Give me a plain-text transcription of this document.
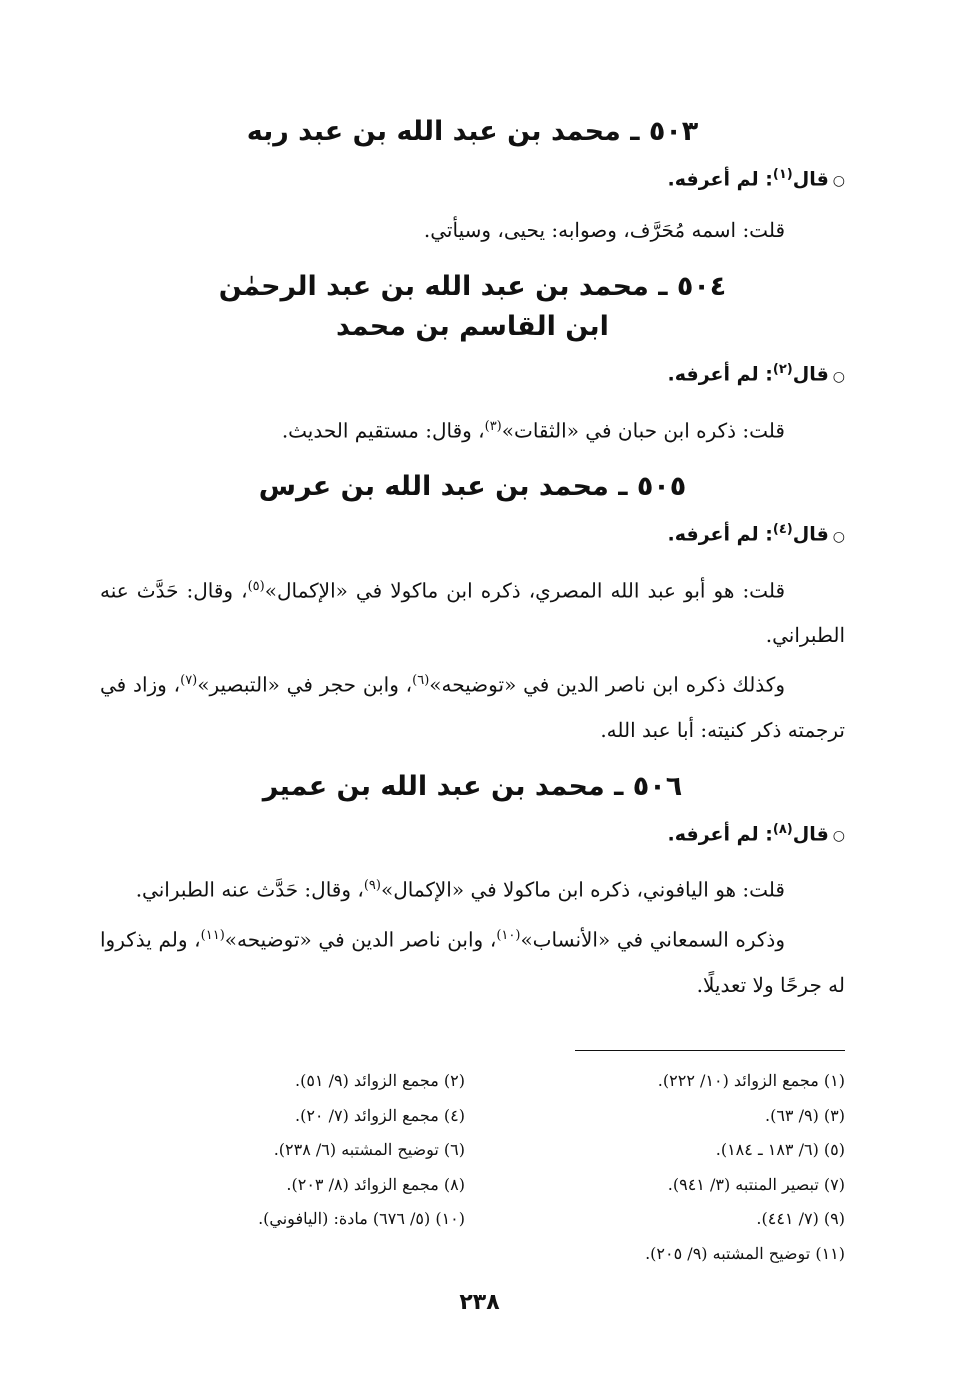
٥٠٣ ـ محمد بن عبد الله بن عبد ربه
○قال$^{(١)}$: لم أعرفه.

قلت: اسمه مُحَرَّف، وصوابه: يحيى، وسيأتي.

٥٠٤ ـ محمد بن عبد الله بن عبد الرحمٰن
ابن القاسم بن محمد
○قال$^{(٢)}$: لم أعرفه.

قلت: ذكره ابن حبان في «الثقات»$^{(٣)}$، وقال: مستقيم الحديث.

٥٠٥ ـ محمد بن عبد الله بن عرس
○قال$^{(٤)}$: لم أعرفه.

قلت: هو أبو عبد الله المصري، ذكره ابن ماكولا في «الإكمال»$^{(٥)}$، وقال: حَدَّث عنه الطبراني.

وكذلك ذكره ابن ناصر الدين في «توضيحه»$^{(٦)}$، وابن حجر في «التبصير»$^{(٧)}$، وزاد في ترجمته ذكر كنيته: أبا عبد الله.

٥٠٦ ـ محمد بن عبد الله بن عمير
○قال$^{(٨)}$: لم أعرفه.

قلت: هو اليافوني، ذكره ابن ماكولا في «الإكمال»$^{(٩)}$، وقال: حَدَّث عنه الطبراني.

وذكره السمعاني في «الأنساب»$^{(١٠)}$، وابن ناصر الدين في «توضيحه»$^{(١١)}$، ولم يذكروا له جرحًا ولا تعديلًا.

(١) مجمع الزوائد (١٠/ ٢٢٢).
(٢) مجمع الزوائد (٩/ ٥١).
(٣) (٩/ ٦٣).
(٤) مجمع الزوائد (٧/ ٢٠).
(٥) (٦/ ١٨٣ ـ ١٨٤).
(٦) توضيح المشتبه (٦/ ٢٣٨).
(٧) تبصير المنتبه (٣/ ٩٤١).
(٨) مجمع الزوائد (٨/ ٢٠٣).
(٩) (٧/ ٤٤١).
(١٠) (٥/ ٦٧٦) مادة: (اليافوني).
(١١) توضيح المشتبه (٩/ ٢٠٥).
٢٣٨
